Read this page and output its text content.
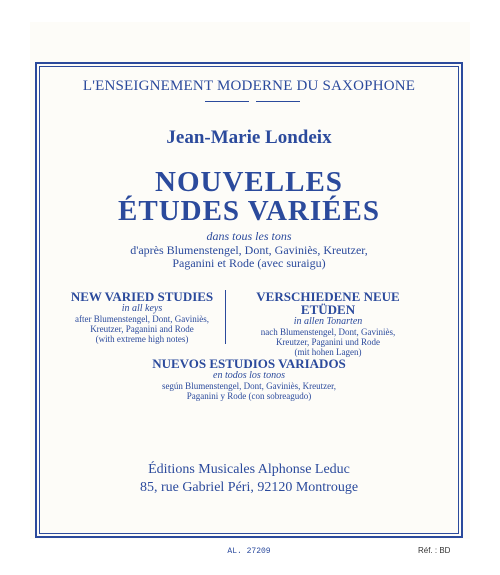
L'ENSEIGNEMENT MODERNE DU SAXOPHONE
Jean-Marie Londeix
NOUVELLES
ÉTUDES VARIÉES
dans tous les tons
d'après Blumenstengel, Dont, Gaviniès, Kreutzer,
Paganini et Rode (avec suraigu)
NEW VARIED STUDIES
in all keys
after Blumenstengel, Dont, Gaviniès,
Kreutzer, Paganini and Rode
(with extreme high notes)
VERSCHIEDENE NEUE ETÜDEN
in allen Tonarten
nach Blumenstengel, Dont, Gaviniès,
Kreutzer, Paganini und Rode
(mit hohen Lagen)
NUEVOS ESTUDIOS VARIADOS
en todos los tonos
según Blumenstengel, Dont, Gaviniès, Kreutzer,
Paganini y Rode (con sobreagudo)
Éditions Musicales Alphonse Leduc
85, rue Gabriel Péri, 92120 Montrouge
AL. 27209	Réf. : BD
